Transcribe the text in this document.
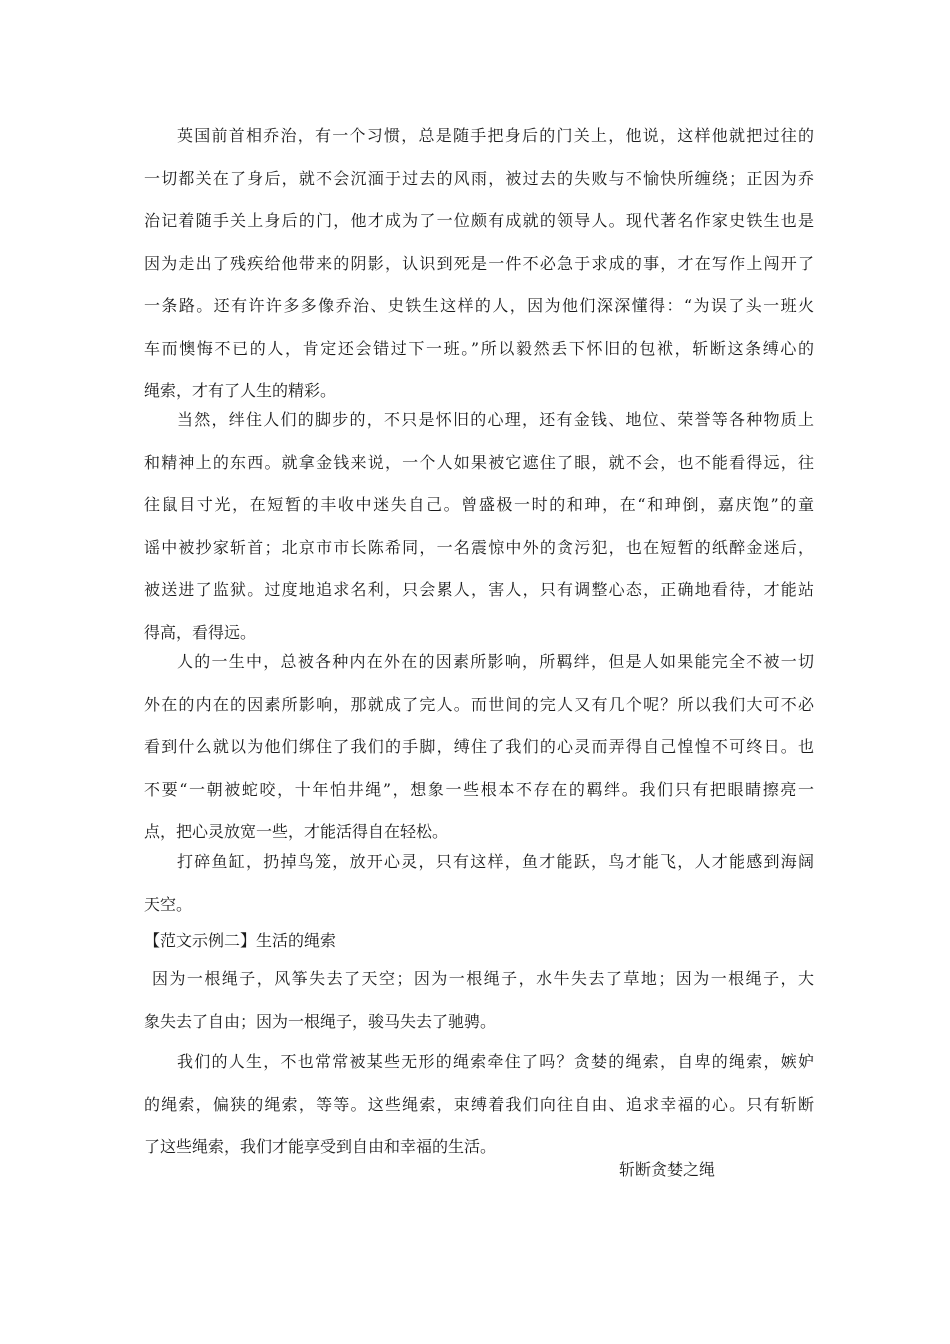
英国前首相乔治，有一个习惯，总是随手把身后的门关上，他说，这样他就把过往的
一切都关在了身后，就不会沉湎于过去的风雨，被过去的失败与不愉快所缠绕；正因为乔
治记着随手关上身后的门，他才成为了一位颇有成就的领导人。现代著名作家史铁生也是
因为走出了残疾给他带来的阴影，认识到死是一件不必急于求成的事，才在写作上闯开了
一条路。还有许许多多像乔治、史铁生这样的人，因为他们深深懂得：“为误了头一班火
车而懊悔不已的人，肯定还会错过下一班。”所以毅然丢下怀旧的包袱，斩断这条缚心的
绳索，才有了人生的精彩。
当然，绊住人们的脚步的，不只是怀旧的心理，还有金钱、地位、荣誉等各种物质上
和精神上的东西。就拿金钱来说，一个人如果被它遮住了眼，就不会，也不能看得远，往
往鼠目寸光，在短暂的丰收中迷失自己。曾盛极一时的和珅，在“和珅倒，嘉庆饱”的童
谣中被抄家斩首；北京市市长陈希同，一名震惊中外的贪污犯，也在短暂的纸醉金迷后，
被送进了监狱。过度地追求名利，只会累人，害人，只有调整心态，正确地看待，才能站
得高，看得远。
人的一生中，总被各种内在外在的因素所影响，所羁绊，但是人如果能完全不被一切
外在的内在的因素所影响，那就成了完人。而世间的完人又有几个呢？所以我们大可不必
看到什么就以为他们绑住了我们的手脚，缚住了我们的心灵而弄得自己惶惶不可终日。也
不要“一朝被蛇咬，十年怕井绳”，想象一些根本不存在的羁绊。我们只有把眼睛擦亮一
点，把心灵放宽一些，才能活得自在轻松。
打碎鱼缸，扔掉鸟笼，放开心灵，只有这样，鱼才能跃，鸟才能飞，人才能感到海阔
天空。

【范文示例二】生活的绳索

因为一根绳子，风筝失去了天空；因为一根绳子，水牛失去了草地；因为一根绳子，大
象失去了自由；因为一根绳子，骏马失去了驰骋。
我们的人生，不也常常被某些无形的绳索牵住了吗？贪婪的绳索，自卑的绳索，嫉妒
的绳索，偏狭的绳索，等等。这些绳索，束缚着我们向往自由、追求幸福的心。只有斩断
了这些绳索，我们才能享受到自由和幸福的生活。

斩断贪婪之绳
